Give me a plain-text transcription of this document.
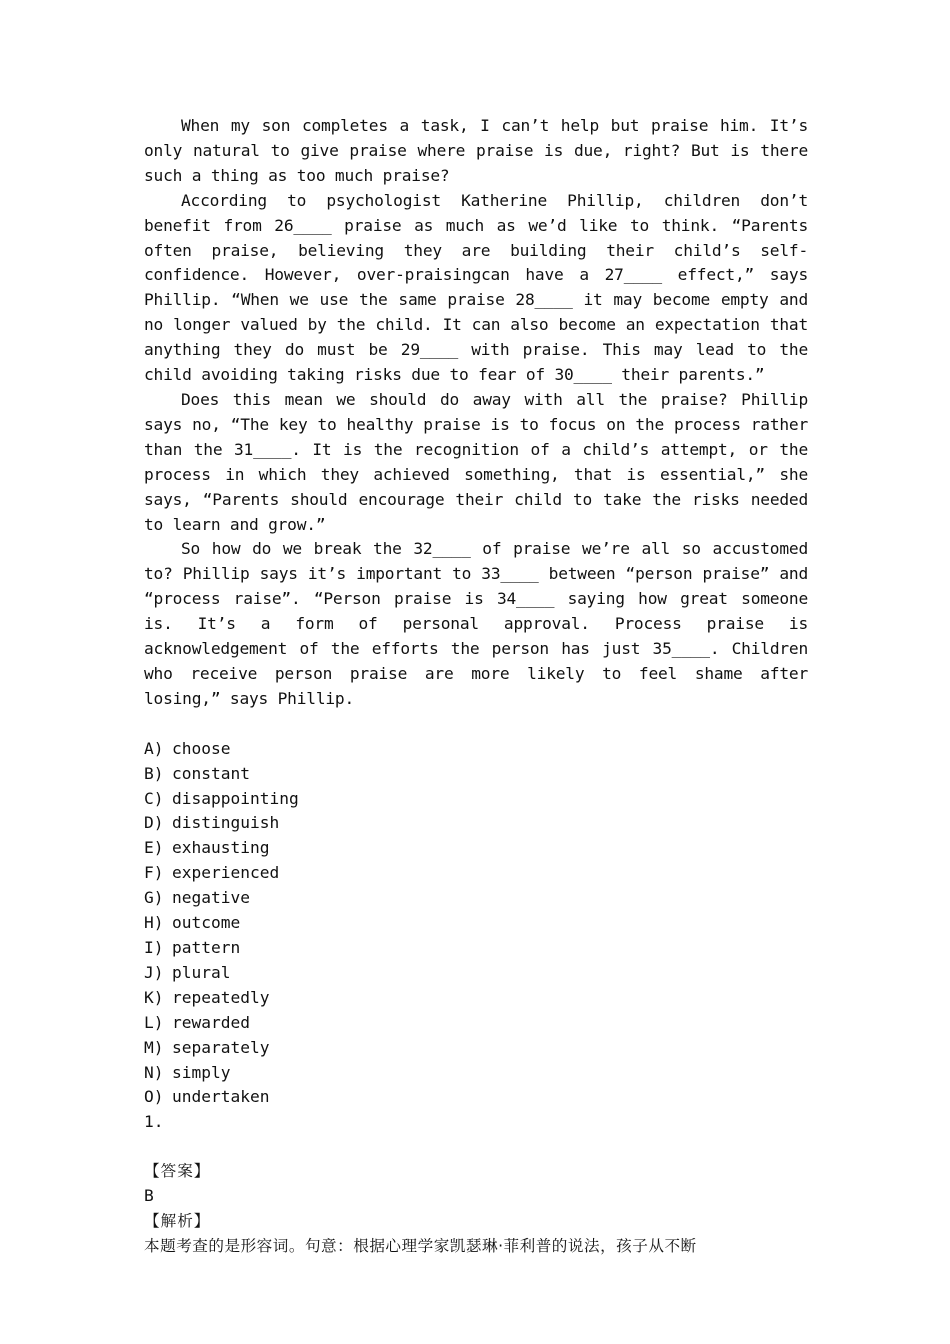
When my son completes a task, I can’t help but praise him. It’s only natural to give praise where praise is due, right? But is there such a thing as too much praise?

According to psychologist Katherine Phillip, children don’t benefit from 26____ praise as much as we’d like to think. “Parents often praise, believing they are building their child’s self-confidence. However, over-praisingcan have a 27____ effect,” says Phillip. “When we use the same praise 28____ it may become empty and no longer valued by the child. It can also become an expectation that anything they do must be 29____ with praise. This may lead to the child avoiding taking risks due to fear of 30____ their parents.”

Does this mean we should do away with all the praise? Phillip says no, “The key to healthy praise is to focus on the process rather than the 31____. It is the recognition of a child’s attempt, or the process in which they achieved something, that is essential,” she says, “Parents should encourage their child to take the risks needed to learn and grow.”

So how do we break the 32____ of praise we’re all so accustomed to? Phillip says it’s important to 33____ between “person praise” and “process raise”. “Person praise is 34____ saying how great someone is. It’s a form of personal approval. Process praise is acknowledgement of the efforts the person has just 35____. Children who receive person praise are more likely to feel shame after losing,” says Phillip.

A) choose
B) constant
C) disappointing
D) distinguish
E) exhausting
F) experienced
G) negative
H) outcome
I) pattern
J) plural
K) repeatedly
L) rewarded
M) separately
N) simply
O) undertaken
1.
【答案】
B
【解析】
本题考查的是形容词。句意：根据心理学家凯瑟琳·菲利普的说法，孩子从不断
